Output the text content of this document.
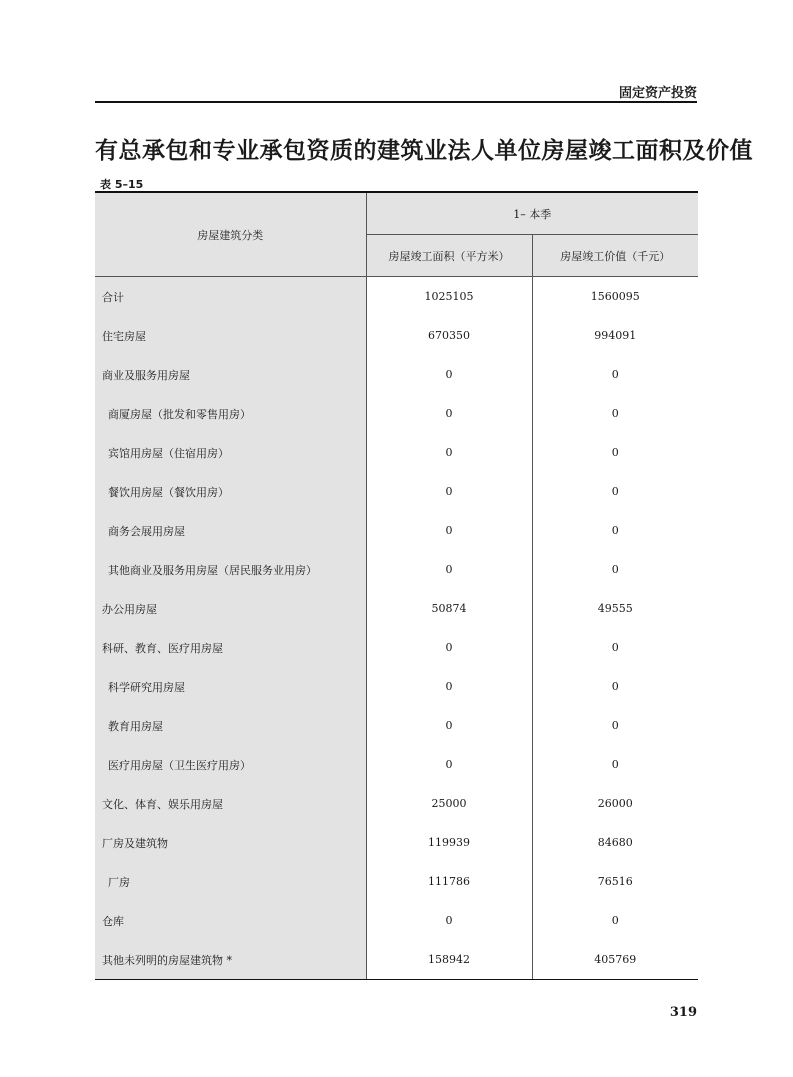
固定资产投资
有总承包和专业承包资质的建筑业法人单位房屋竣工面积及价值
表 5–15
房屋建筑分类	1– 本季	
	房屋竣工面积（平方米）	房屋竣工价值（千元）
合计	1025105	1560095
住宅房屋	670350	994091
商业及服务用房屋	0	0
商厦房屋（批发和零售用房）	0	0
宾馆用房屋（住宿用房）	0	0
餐饮用房屋（餐饮用房）	0	0
商务会展用房屋	0	0
其他商业及服务用房屋（居民服务业用房）	0	0
办公用房屋	50874	49555
科研、教育、医疗用房屋	0	0
科学研究用房屋	0	0
教育用房屋	0	0
医疗用房屋（卫生医疗用房）	0	0
文化、体育、娱乐用房屋	25000	26000
厂房及建筑物	119939	84680
厂房	111786	76516
仓库	0	0
其他未列明的房屋建筑物 *	158942	405769
319
